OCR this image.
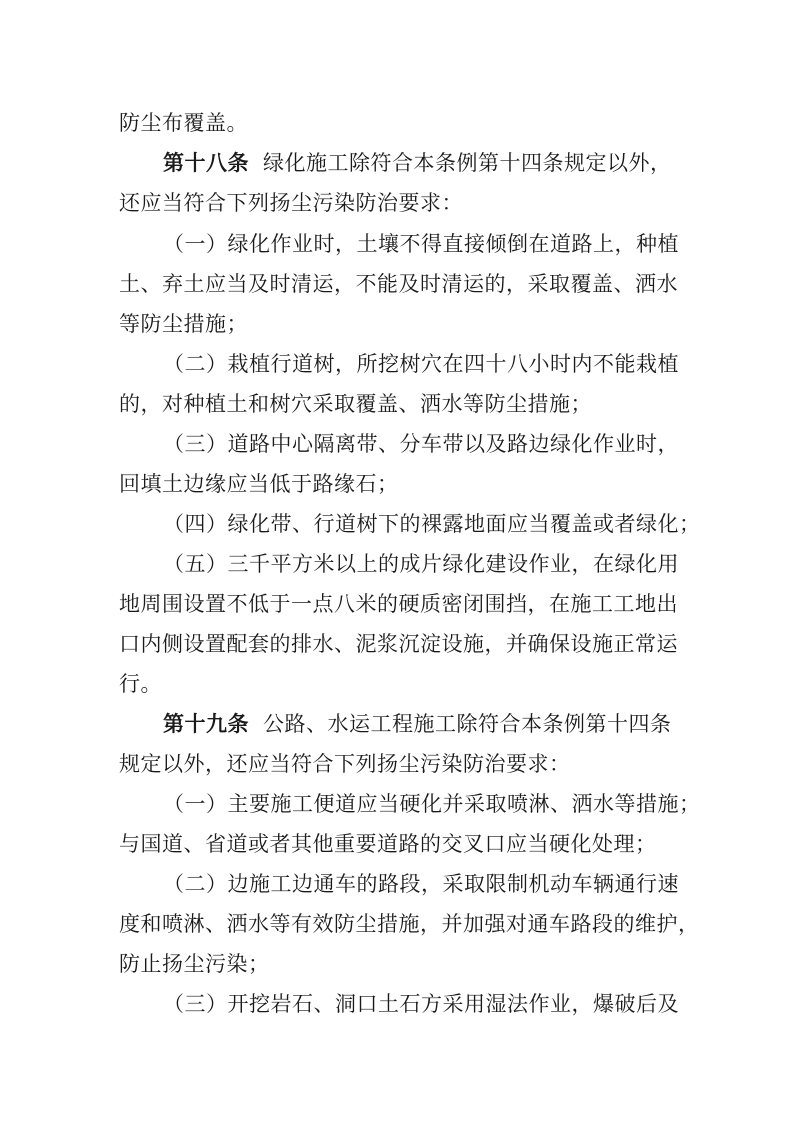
防尘布覆盖。
第十八条 绿化施工除符合本条例第十四条规定以外，
还应当符合下列扬尘污染防治要求：
（一）绿化作业时，土壤不得直接倾倒在道路上，种植
土、弃土应当及时清运，不能及时清运的，采取覆盖、洒水
等防尘措施；
（二）栽植行道树，所挖树穴在四十八小时内不能栽植
的，对种植土和树穴采取覆盖、洒水等防尘措施；
（三）道路中心隔离带、分车带以及路边绿化作业时，
回填土边缘应当低于路缘石；
（四）绿化带、行道树下的裸露地面应当覆盖或者绿化；
（五）三千平方米以上的成片绿化建设作业，在绿化用
地周围设置不低于一点八米的硬质密闭围挡，在施工工地出
口内侧设置配套的排水、泥浆沉淀设施，并确保设施正常运
行。
第十九条 公路、水运工程施工除符合本条例第十四条
规定以外，还应当符合下列扬尘污染防治要求：
（一）主要施工便道应当硬化并采取喷淋、洒水等措施；
与国道、省道或者其他重要道路的交叉口应当硬化处理；
（二）边施工边通车的路段，采取限制机动车辆通行速
度和喷淋、洒水等有效防尘措施，并加强对通车路段的维护，
防止扬尘污染；
（三）开挖岩石、洞口土石方采用湿法作业，爆破后及
